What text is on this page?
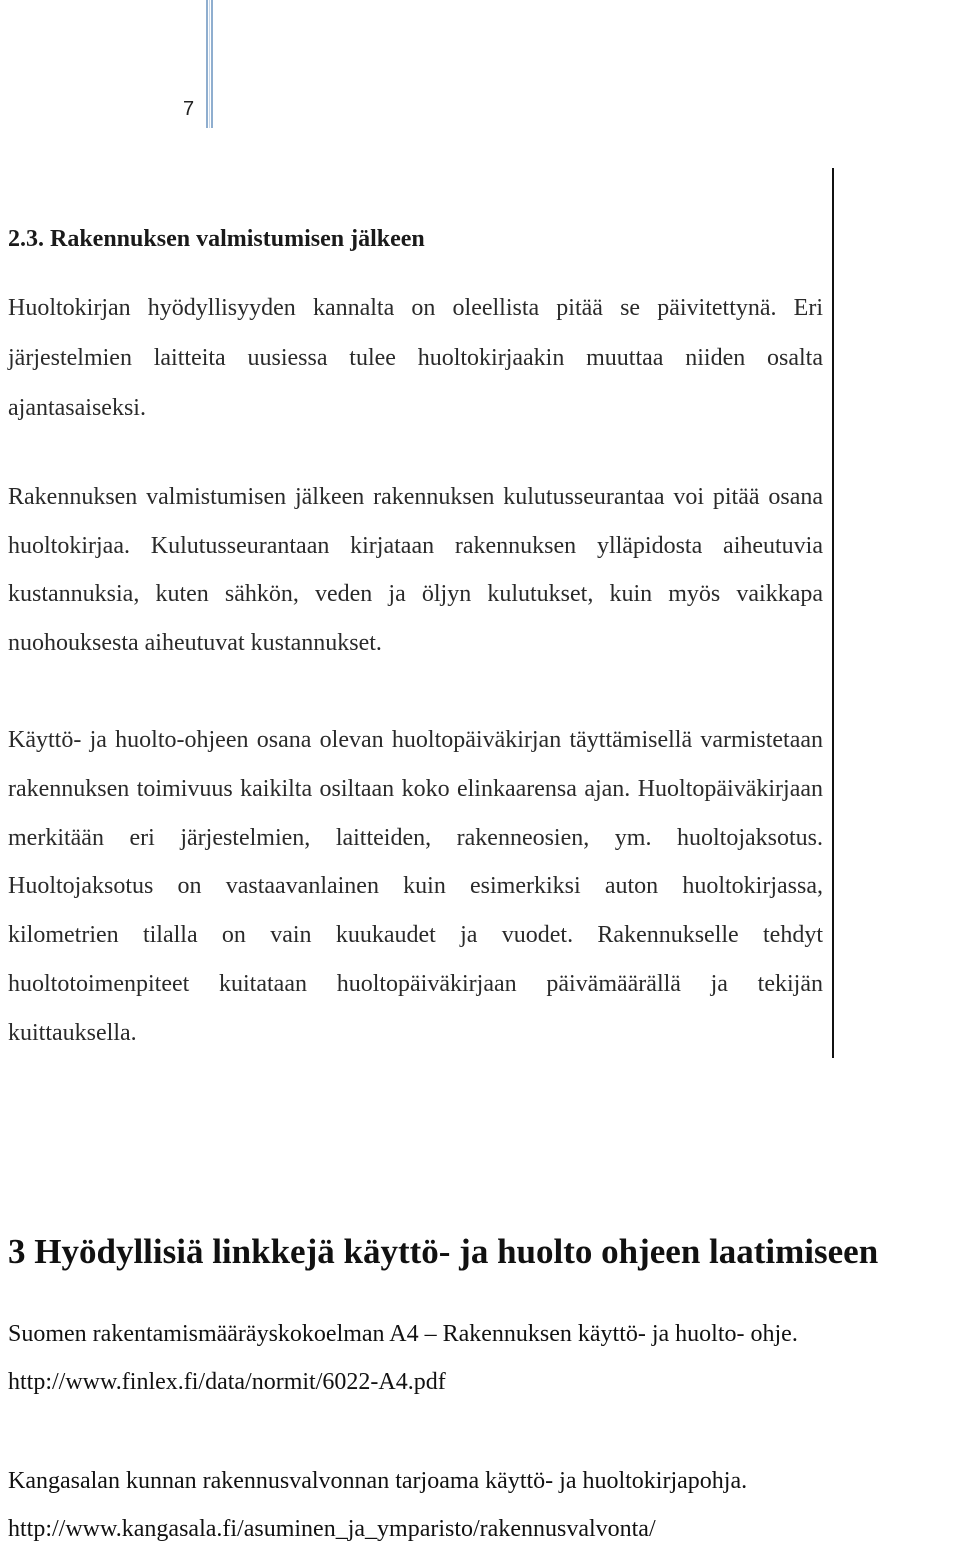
7
2.3. Rakennuksen valmistumisen jälkeen

Huoltokirjan hyödyllisyyden kannalta on oleellista pitää se päivitettynä. Eri järjestelmien laitteita uusiessa tulee huoltokirjaakin muuttaa niiden osalta ajantasaiseksi.

Rakennuksen valmistumisen jälkeen rakennuksen kulutusseurantaa voi pitää osana huoltokirjaa. Kulutusseurantaan kirjataan rakennuksen ylläpidosta aiheutuvia kustannuksia, kuten sähkön, veden ja öljyn kulutukset, kuin myös vaikkapa nuohouksesta aiheutuvat kustannukset.

Käyttö- ja huolto-ohjeen osana olevan huoltopäiväkirjan täyttämisellä varmistetaan rakennuksen toimivuus kaikilta osiltaan koko elinkaarensa ajan. Huoltopäiväkirjaan merkitään eri järjestelmien, laitteiden, rakenneosien, ym. huoltojaksotus. Huoltojaksotus on vastaavanlainen kuin esimerkiksi auton huoltokirjassa, kilometrien tilalla on vain kuukaudet ja vuodet. Rakennukselle tehdyt huoltotoimenpiteet kuitataan huoltopäiväkirjaan päivämäärällä ja tekijän kuittauksella.

3 Hyödyllisiä linkkejä käyttö- ja huolto ohjeen laatimiseen
Suomen rakentamismääräyskokoelman A4 – Rakennuksen käyttö- ja huolto- ohje.
http://www.finlex.fi/data/normit/6022-A4.pdf
Kangasalan kunnan rakennusvalvonnan tarjoama käyttö- ja huoltokirjapohja.
http://www.kangasala.fi/asuminen_ja_ymparisto/rakennusvalvonta/
